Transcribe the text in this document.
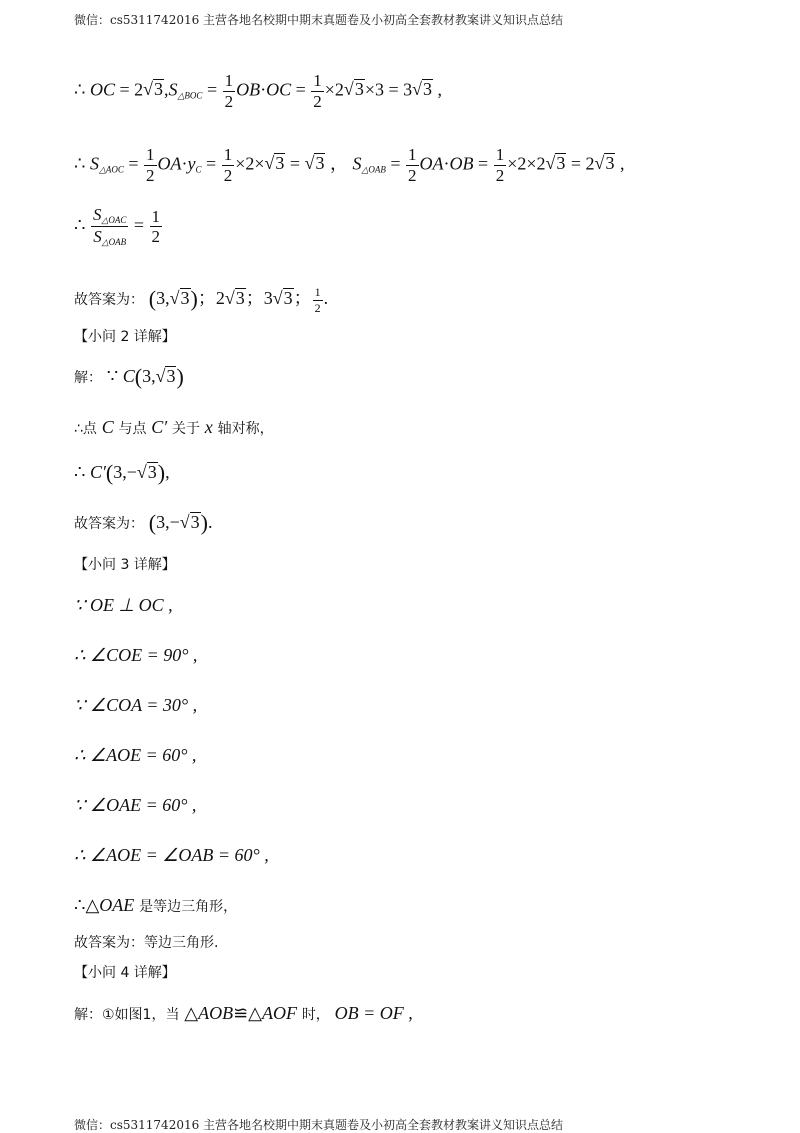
微信：cs5311742016 主营各地名校期中期末真题卷及小初高全套教材教案讲义知识点总结
∴ OC = $2√3,S_{\triangle BOC} = \frac{1}{2} OB\cdot OC = \frac{1}{2} \times 2√3\times 3 = 3√3$ ,
∴ $S_{\triangle AOC} = \frac{1}{2} OA\cdot y_C = \frac{1}{2} \times 2\times√3 = √3$ ， $S_{\triangle OAB} = \frac{1}{2} OA\cdot OB = \frac{1}{2} \times 2\times 2√3 = 2√3$ ,
∴ $\frac{S_{\triangle OAC}}{S_{\triangle OAB}} = \frac{1}{2}$
故答案为： (3,√3)；2√3；3√3； $\frac{1}{2}$ .
【小问 2 详解】
解： ∵ C(3,√3)
∴点 C 与点 C′ 关于 x 轴对称，
∴ C′(3,−√3),
故答案为： (3,−√3).
【小问 3 详解】
∵ OE ⊥ OC ,
∴ ∠COE = 90° ,
∵ ∠COA = 30° ,
∴ ∠AOE = 60° ,
∵ ∠OAE = 60° ,
∴ ∠AOE = ∠OAB = 60° ,
∴△OAE 是等边三角形，
故答案为：等边三角形.
【小问 4 详解】
解：①如图1，当 △AOB≌△AOF 时， OB = OF ,
微信：cs5311742016 主营各地名校期中期末真题卷及小初高全套教材教案讲义知识点总结
